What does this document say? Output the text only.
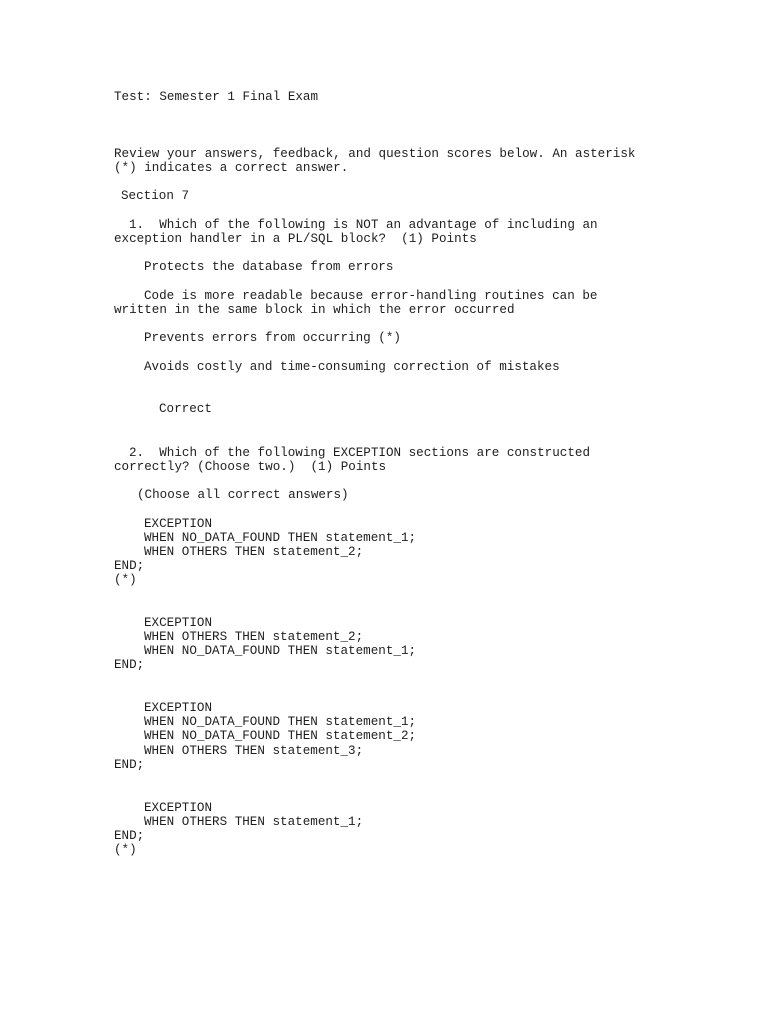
Test: Semester 1 Final Exam
Review your answers, feedback, and question scores below. An asterisk
(*) indicates a correct answer.
Section 7
1.  Which of the following is NOT an advantage of including an
exception handler in a PL/SQL block?  (1) Points
Protects the database from errors
Code is more readable because error-handling routines can be
written in the same block in which the error occurred
Prevents errors from occurring (*)
Avoids costly and time-consuming correction of mistakes
Correct
2.  Which of the following EXCEPTION sections are constructed
correctly? (Choose two.)  (1) Points
(Choose all correct answers)
EXCEPTION
WHEN NO_DATA_FOUND THEN statement_1;
WHEN OTHERS THEN statement_2;
END;
(*)
EXCEPTION
WHEN OTHERS THEN statement_2;
WHEN NO_DATA_FOUND THEN statement_1;
END;
EXCEPTION
WHEN NO_DATA_FOUND THEN statement_1;
WHEN NO_DATA_FOUND THEN statement_2;
WHEN OTHERS THEN statement_3;
END;
EXCEPTION
WHEN OTHERS THEN statement_1;
END;
(*)
